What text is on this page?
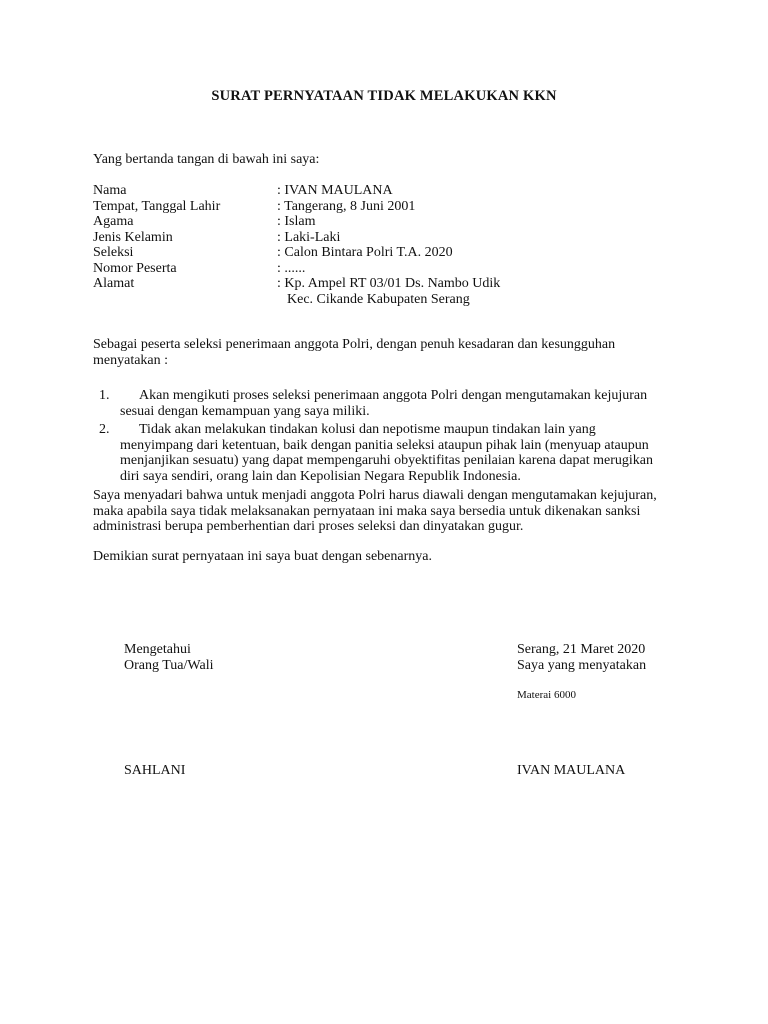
SURAT PERNYATAAN TIDAK MELAKUKAN KKN
Yang bertanda tangan di bawah ini saya:
Nama	: IVAN MAULANA
Tempat, Tanggal Lahir	: Tangerang, 8 Juni 2001
Agama	: Islam
Jenis Kelamin	: Laki-Laki
Seleksi	: Calon Bintara Polri T.A. 2020
Nomor Peserta	: ......
Alamat	: Kp. Ampel RT 03/01 Ds. Nambo Udik
Kec. Cikande Kabupaten Serang
Sebagai peserta seleksi penerimaan anggota Polri, dengan penuh kesadaran dan kesungguhan
menyatakan :
1.	Akan mengikuti proses seleksi penerimaan anggota Polri dengan mengutamakan kejujuran
sesuai dengan kemampuan yang saya miliki.
2.	Tidak akan melakukan tindakan kolusi dan nepotisme maupun tindakan lain yang
menyimpang dari ketentuan, baik dengan panitia seleksi ataupun pihak lain (menyuap ataupun
menjanjikan sesuatu) yang dapat mempengaruhi obyektifitas penilaian karena dapat merugikan
diri saya sendiri, orang lain dan Kepolisian Negara Republik Indonesia.
Saya menyadari bahwa untuk menjadi anggota Polri harus diawali dengan mengutamakan kejujuran,
maka apabila saya tidak melaksanakan pernyataan ini maka saya bersedia untuk dikenakan sanksi
administrasi berupa pemberhentian dari proses seleksi dan dinyatakan gugur.
Demikian surat pernyataan ini saya buat dengan sebenarnya.
Mengetahui
Orang Tua/Wali
SAHLANI
Serang, 21 Maret 2020
Saya yang menyatakan
Materai 6000
IVAN MAULANA
